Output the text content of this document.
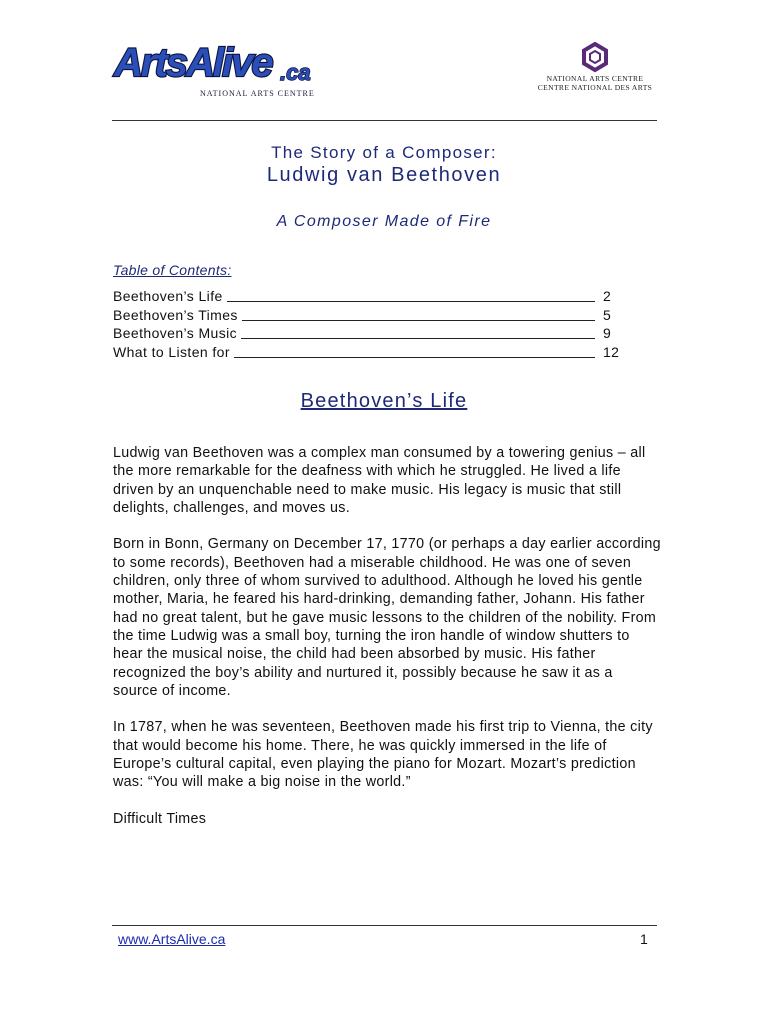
ArtsAlive .ca
NATIONAL ARTS CENTRE
NATIONAL ARTS CENTRE
CENTRE NATIONAL DES ARTS
The Story of a Composer:
Ludwig van Beethoven
A Composer Made of Fire
Table of Contents:
Beethoven’s Life	2
Beethoven’s Times	5
Beethoven’s Music	9
What to Listen for	12
Beethoven’s Life

Ludwig van Beethoven was a complex man consumed by a towering genius – all the more remarkable for the deafness with which he struggled. He lived a life driven by an unquenchable need to make music. His legacy is music that still delights, challenges, and moves us.

Born in Bonn, Germany on December 17, 1770 (or perhaps a day earlier according to some records), Beethoven had a miserable childhood. He was one of seven children, only three of whom survived to adulthood. Although he loved his gentle mother, Maria, he feared his hard-drinking, demanding father, Johann. His father had no great talent, but he gave music lessons to the children of the nobility. From the time Ludwig was a small boy, turning the iron handle of window shutters to hear the musical noise, the child had been absorbed by music. His father recognized the boy’s ability and nurtured it, possibly because he saw it as a source of income.

In 1787, when he was seventeen, Beethoven made his first trip to Vienna, the city that would become his home. There, he was quickly immersed in the life of Europe’s cultural capital, even playing the piano for Mozart. Mozart’s prediction was: “You will make a big noise in the world.”

Difficult Times

www.ArtsAlive.ca	1
